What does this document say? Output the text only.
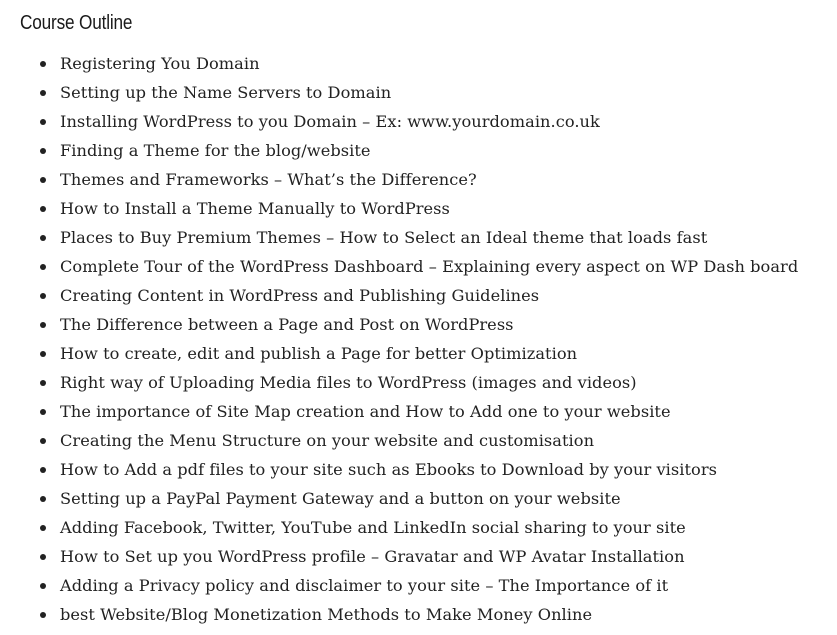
Course Outline
Registering You Domain
Setting up the Name Servers to Domain
Installing WordPress to you Domain – Ex: www.yourdomain.co.uk
Finding a Theme for the blog/website
Themes and Frameworks – What’s the Difference?
How to Install a Theme Manually to WordPress
Places to Buy Premium Themes – How to Select an Ideal theme that loads fast
Complete Tour of the WordPress Dashboard – Explaining every aspect on WP Dash board
Creating Content in WordPress and Publishing Guidelines
The Difference between a Page and Post on WordPress
How to create, edit and publish a Page for better Optimization
Right way of Uploading Media files to WordPress (images and videos)
The importance of Site Map creation and How to Add one to your website
Creating the Menu Structure on your website and customisation
How to Add a pdf files to your site such as Ebooks to Download by your visitors
Setting up a PayPal Payment Gateway and a button on your website
Adding Facebook, Twitter, YouTube and LinkedIn social sharing to your site
How to Set up you WordPress profile – Gravatar and WP Avatar Installation
Adding a Privacy policy and disclaimer to your site – The Importance of it
best Website/Blog Monetization Methods to Make Money Online
